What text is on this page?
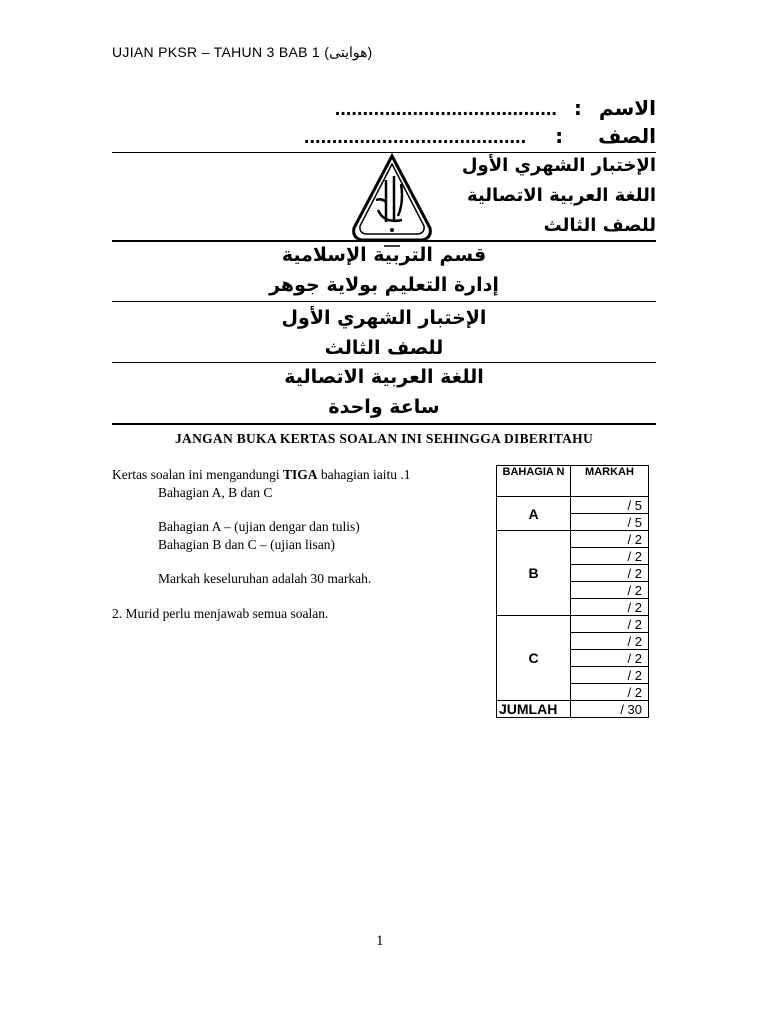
UJIAN PKSR – TAHUN 3 BAB 1 (هوايتى)
الاسم : ........................................
الصف : ........................................
الإختبار الشهري الأول
اللغة العربية الاتصالية
للصف الثالث
قسم التربية الإسلامية
إدارة التعليم بولاية جوهر
الإختبار الشهري الأول
للصف الثالث
اللغة العربية الاتصالية
ساعة واحدة
JANGAN BUKA KERTAS SOALAN INI SEHINGGA DIBERITAHU
Kertas soalan ini mengandungi TIGA bahagian iaitu .1
Bahagian A, B dan C
Bahagian A – (ujian dengar dan tulis)
Bahagian B dan C – (ujian lisan)
Markah keseluruhan adalah 30 markah.
2. Murid perlu menjawab semua soalan.
BAHAGIA N	MARKAH
A	/ 5
	/ 5
B	/ 2
	/ 2
	/ 2
	/ 2
	/ 2
C	/ 2
	/ 2
	/ 2
	/ 2
	/ 2
JUMLAH	/ 30
1
